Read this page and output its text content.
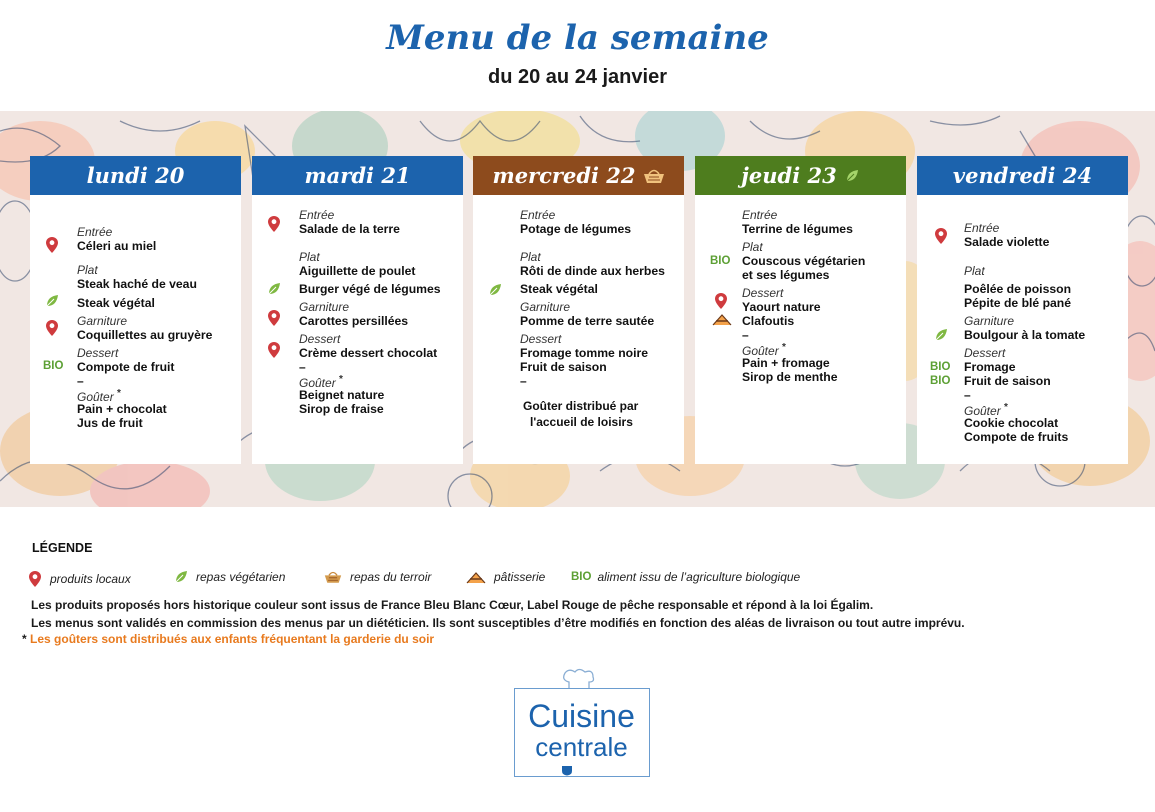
Menu de la semaine
du 20 au 24 janvier
lundi 20
Entrée
Céleri au miel
Plat
Steak haché de veau
Steak végétal
Garniture
Coquillettes au gruyère
Dessert
BIO Compote de fruit
–
Goûter *
Pain + chocolat
Jus de fruit
mardi 21
Entrée
Salade de la terre
Plat
Aiguillette de poulet
Burger végé de légumes
Garniture
Carottes persillées
Dessert
Crème dessert chocolat
–
Goûter *
Beignet nature
Sirop de fraise
mercredi 22
Entrée
Potage de légumes
Plat
Rôti de dinde aux herbes
Steak végétal
Garniture
Pomme de terre sautée
Dessert
Fromage tomme noire
Fruit de saison
–
Goûter distribué par
l'accueil de loisirs
jeudi 23
Entrée
Terrine de légumes
Plat
BIO Couscous végétarien
et ses légumes
Dessert
Yaourt nature
Clafoutis
–
Goûter *
Pain + fromage
Sirop de menthe
vendredi 24
Entrée
Salade violette
Plat
Poêlée de poisson
Pépite de blé pané
Garniture
Boulgour à la tomate
Dessert
BIO Fromage
BIO Fruit de saison
–
Goûter *
Cookie chocolat
Compote de fruits
LÉGENDE
produits locaux	repas végétarien	repas du terroir	pâtisserie BIO aliment issu de l’agriculture biologique
Les produits proposés hors historique couleur sont issus de France Bleu Blanc Cœur, Label Rouge de pêche responsable et répond à la loi Égalim.
Les menus sont validés en commission des menus par un diététicien. Ils sont susceptibles d’être modifiés en fonction des aléas de livraison ou tout autre imprévu.
* Les goûters sont distribués aux enfants fréquentant la garderie du soir
Cuisine
centrale
